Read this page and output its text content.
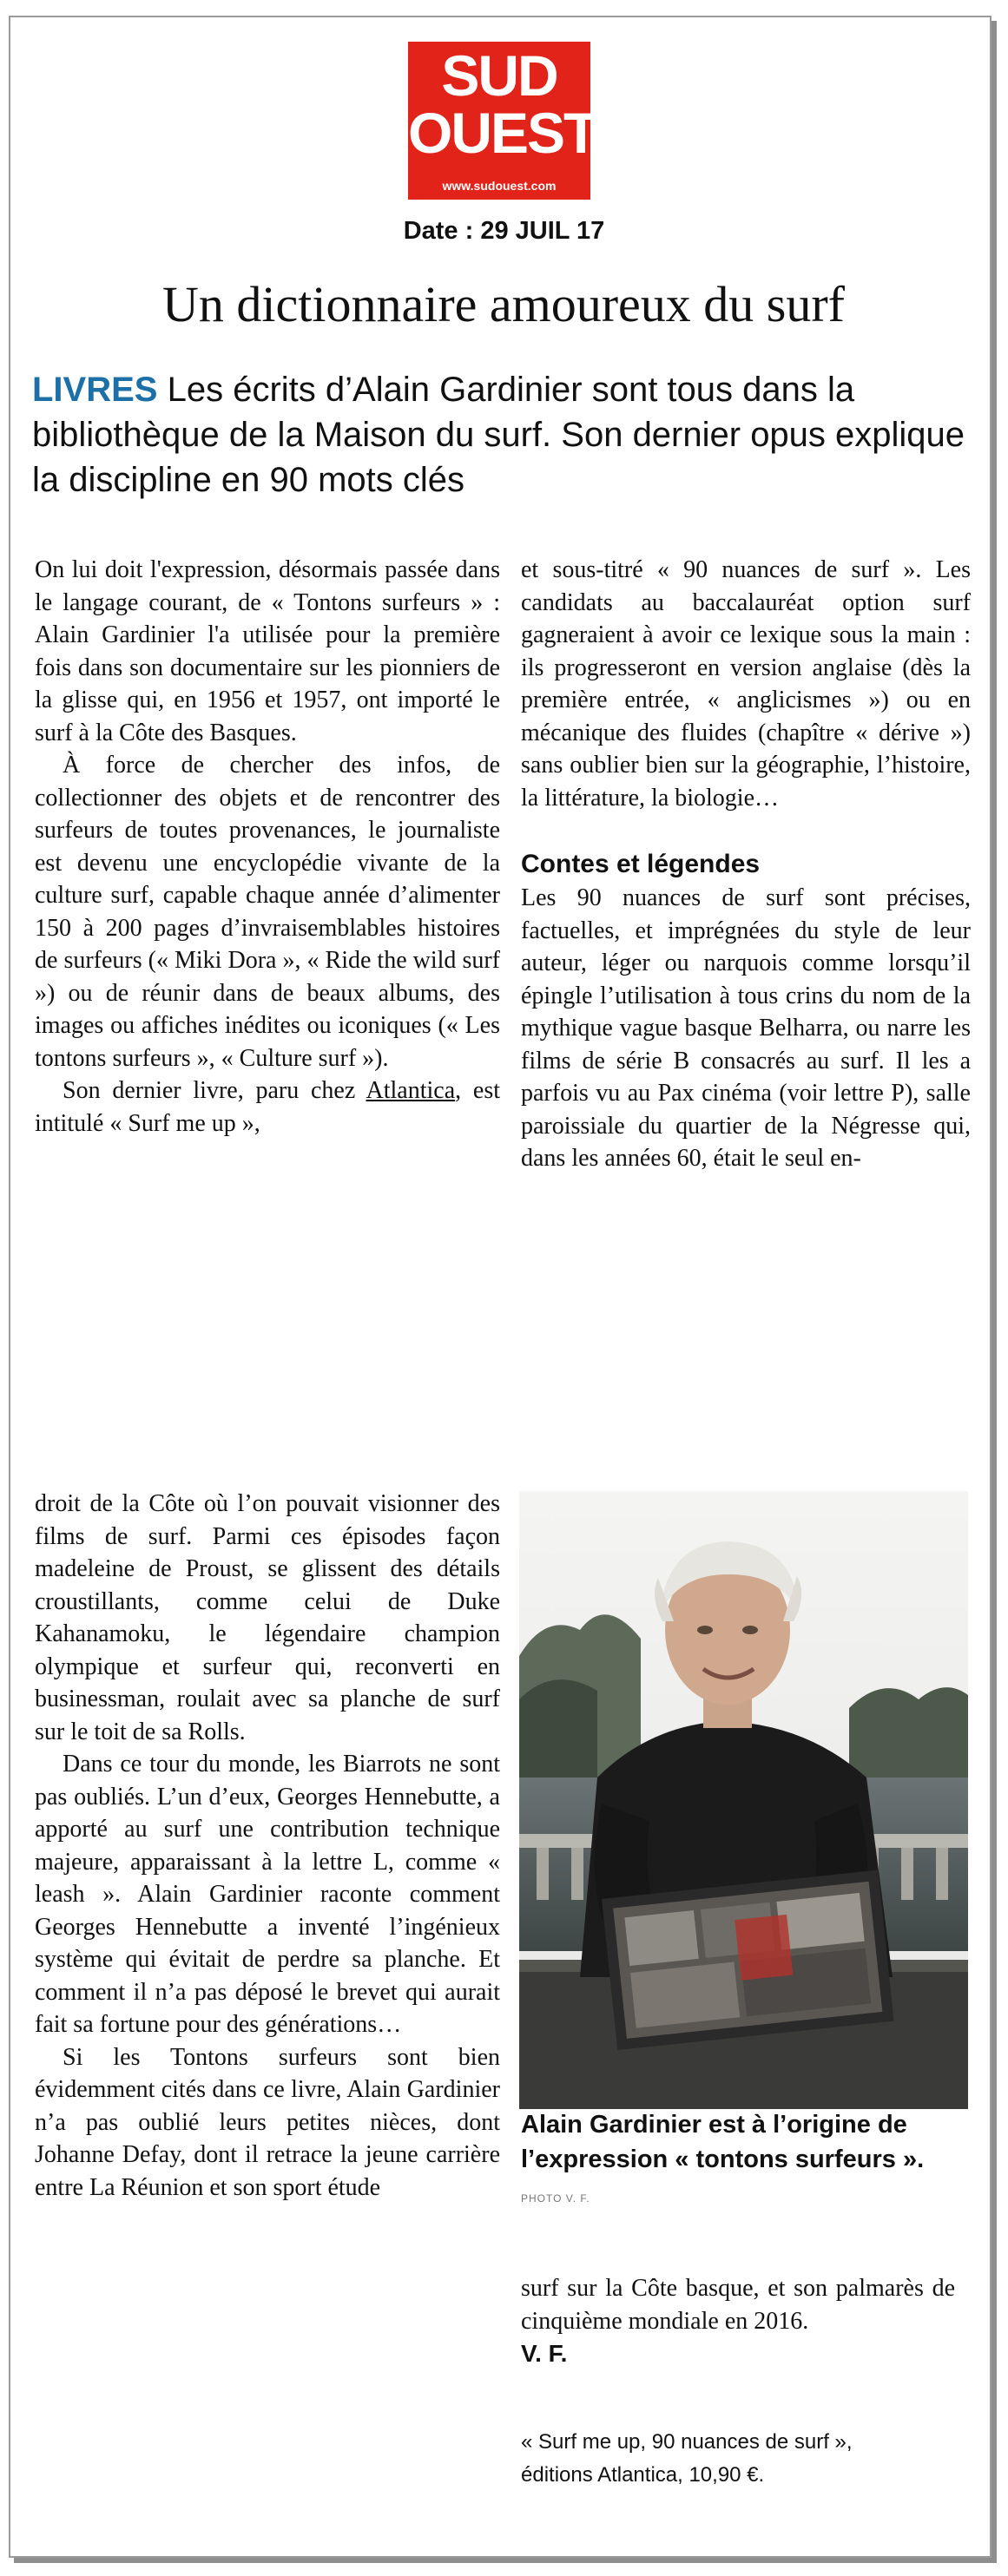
SUD
OUEST
www.sudouest.com
Date : 29 JUIL 17
Un dictionnaire amoureux du surf
LIVRES Les écrits d’Alain Gardinier sont tous dans la bibliothèque de la Maison du surf. Son dernier opus explique la discipline en 90 mots clés

On lui doit l'expression, désormais passée dans le langage courant, de « Tontons surfeurs » : Alain Gardinier l'a utilisée pour la première fois dans son documentaire sur les pionniers de la glisse qui, en 1956 et 1957, ont importé le surf à la Côte des Basques.

À force de chercher des infos, de collectionner des objets et de rencontrer des surfeurs de toutes provenances, le journaliste est devenu une encyclopédie vivante de la culture surf, capable chaque année d’alimenter 150 à 200 pages d’invraisemblables histoires de surfeurs (« Miki Dora », « Ride the wild surf ») ou de réunir dans de beaux albums, des images ou affiches inédites ou iconiques (« Les tontons surfeurs », « Culture surf »).

Son dernier livre, paru chez Atlantica, est intitulé « Surf me up »,

et sous-titré « 90 nuances de surf ». Les candidats au baccalauréat option surf gagneraient à avoir ce lexique sous la main : ils progresseront en version anglaise (dès la première entrée, « anglicismes ») ou en mécanique des fluides (chapître « dérive ») sans oublier bien sur la géographie, l’histoire, la littérature, la biologie…

Contes et légendes

Les 90 nuances de surf sont précises, factuelles, et imprégnées du style de leur auteur, léger ou narquois comme lorsqu’il épingle l’utilisation à tous crins du nom de la mythique vague basque Belharra, ou narre les films de série B consacrés au surf. Il les a parfois vu au Pax cinéma (voir lettre P), salle paroissiale du quartier de la Négresse qui, dans les années 60, était le seul en-

droit de la Côte où l’on pouvait visionner des films de surf. Parmi ces épisodes façon madeleine de Proust, se glissent des détails croustillants, comme celui de Duke Kahanamoku, le légendaire champion olympique et surfeur qui, reconverti en businessman, roulait avec sa planche de surf sur le toit de sa Rolls.

Dans ce tour du monde, les Biarrots ne sont pas oubliés. L’un d’eux, Georges Hennebutte, a apporté au surf une contribution technique majeure, apparaissant à la lettre L, comme « leash ». Alain Gardinier raconte comment Georges Hennebutte a inventé l’ingénieux système qui évitait de perdre sa planche. Et comment il n’a pas déposé le brevet qui aurait fait sa fortune pour des générations…

Si les Tontons surfeurs sont bien évidemment cités dans ce livre, Alain Gardinier n’a pas oublié leurs petites nièces, dont Johanne Defay, dont il retrace la jeune carrière entre La Réunion et son sport étude

Alain Gardinier est à l’origine de l’expression « tontons surfeurs ». PHOTO V. F.

surf sur la Côte basque, et son palmarès de cinquième mondiale en 2016.

V. F.

« Surf me up, 90 nuances de surf »,
éditions Atlantica, 10,90 €.
